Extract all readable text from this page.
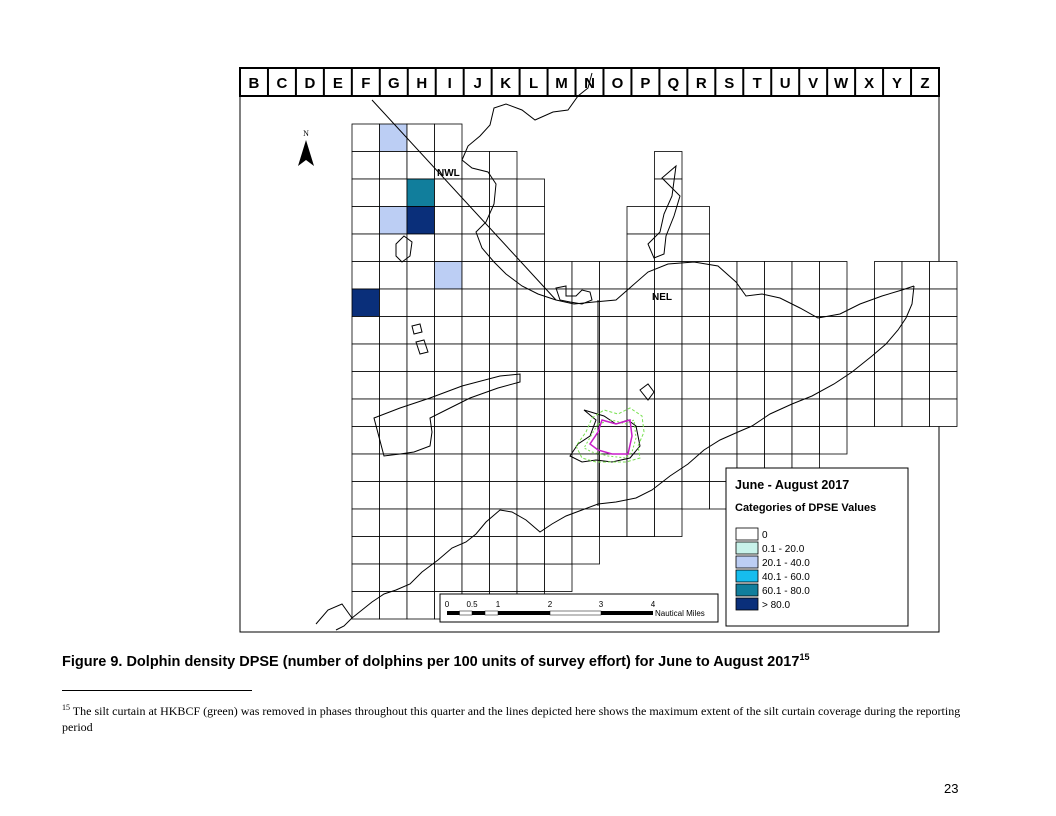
B C D E F G H I J K L M N O P Q R S T U V W X Y Z
N
NWL
NEL
0 0.5 1	2	3	4
Nautical Miles
June - August 2017
Categories of DPSE Values
0
0.1 - 20.0
20.1 - 40.0
40.1 - 60.0
60.1 - 80.0
> 80.0
Figure 9. Dolphin density DPSE (number of dolphins per 100 units of survey effort) for June to August 2017$^{15}$
$^{15}$ The silt curtain at HKBCF (green) was removed in phases throughout this quarter and the lines depicted here shows the maximum extent of the silt curtain coverage during the reporting period
23
